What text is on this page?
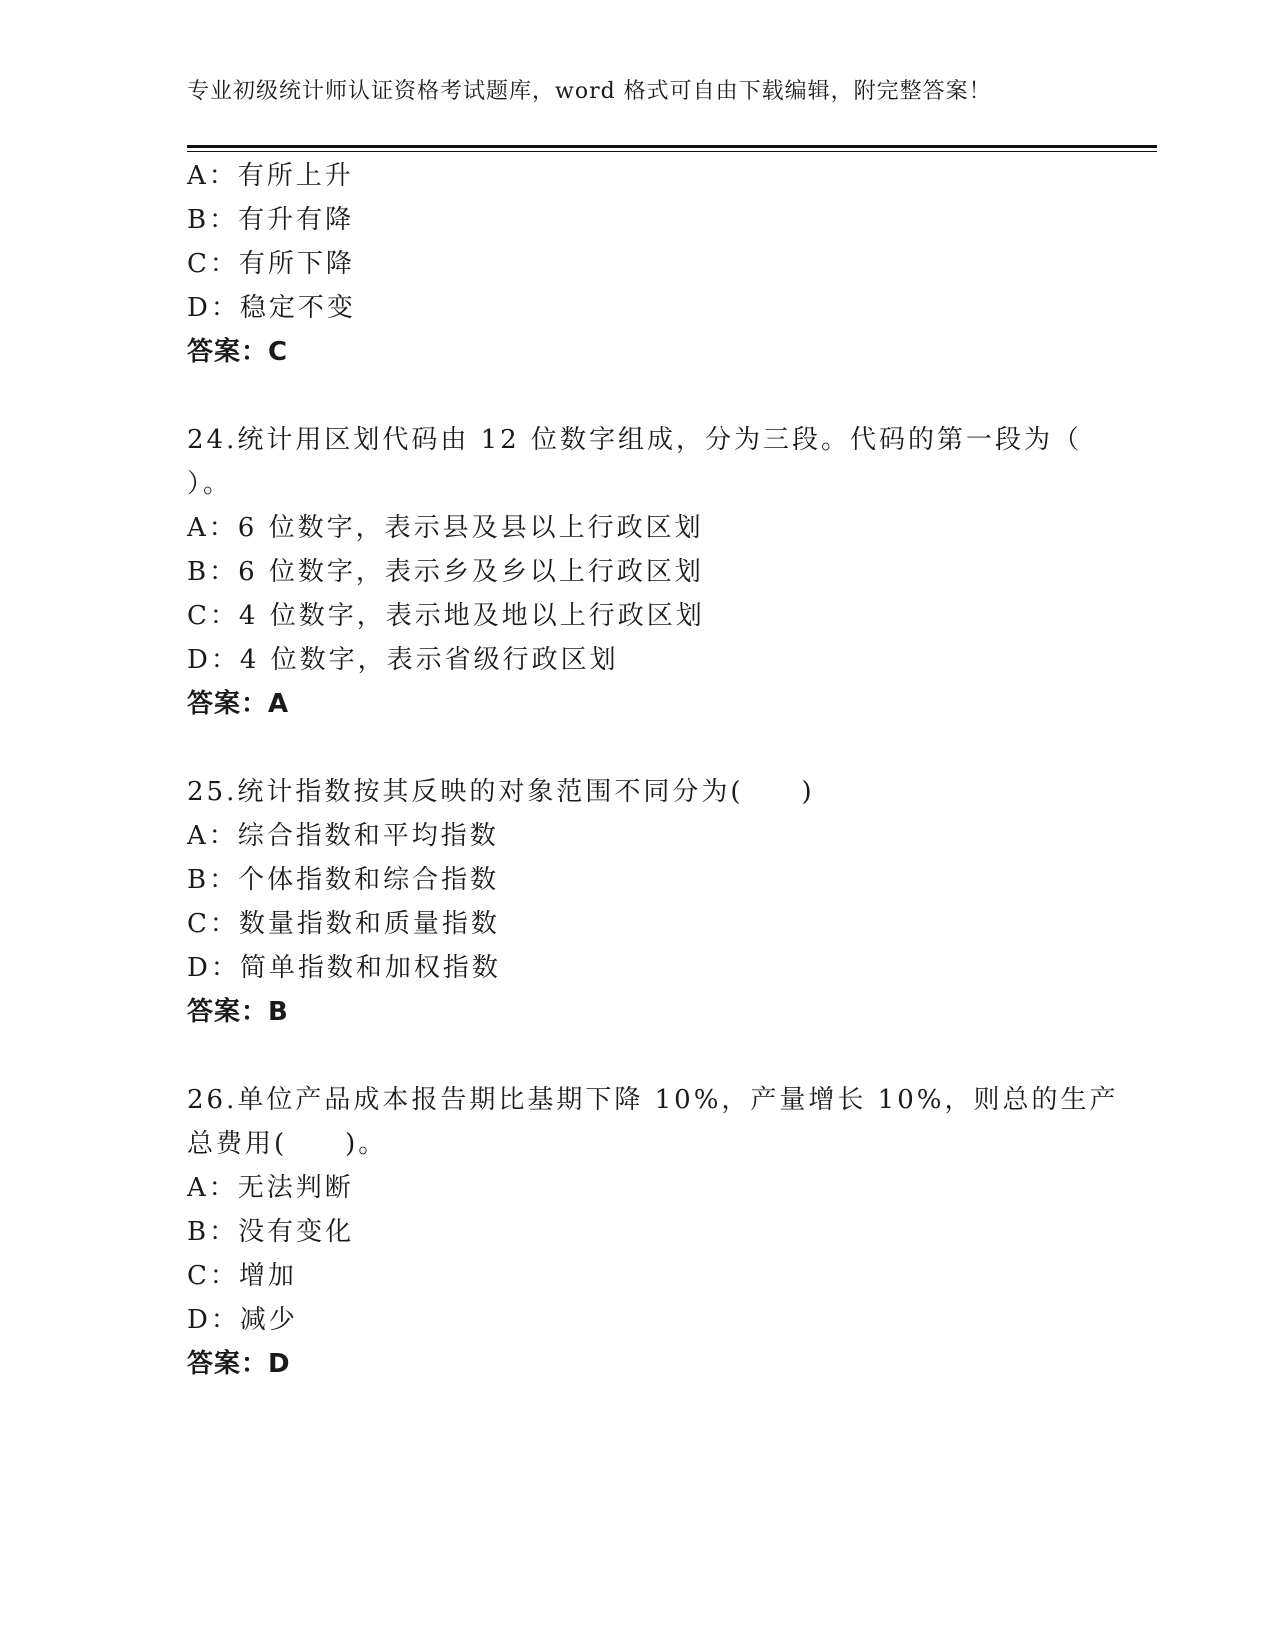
专业初级统计师认证资格考试题库，word 格式可自由下载编辑，附完整答案！
A：有所上升
B：有升有降
C：有所下降
D：稳定不变
答案：C
24.统计用区划代码由 12 位数字组成，分为三段。代码的第一段为（
）。
A：6 位数字，表示县及县以上行政区划
B：6 位数字，表示乡及乡以上行政区划
C：4 位数字，表示地及地以上行政区划
D：4 位数字，表示省级行政区划
答案：A
25.统计指数按其反映的对象范围不同分为(　　)
A：综合指数和平均指数
B：个体指数和综合指数
C：数量指数和质量指数
D：简单指数和加权指数
答案：B
26.单位产品成本报告期比基期下降 10%，产量增长 10%，则总的生产
总费用(　　)。
A：无法判断
B：没有变化
C：增加
D：减少
答案：D
